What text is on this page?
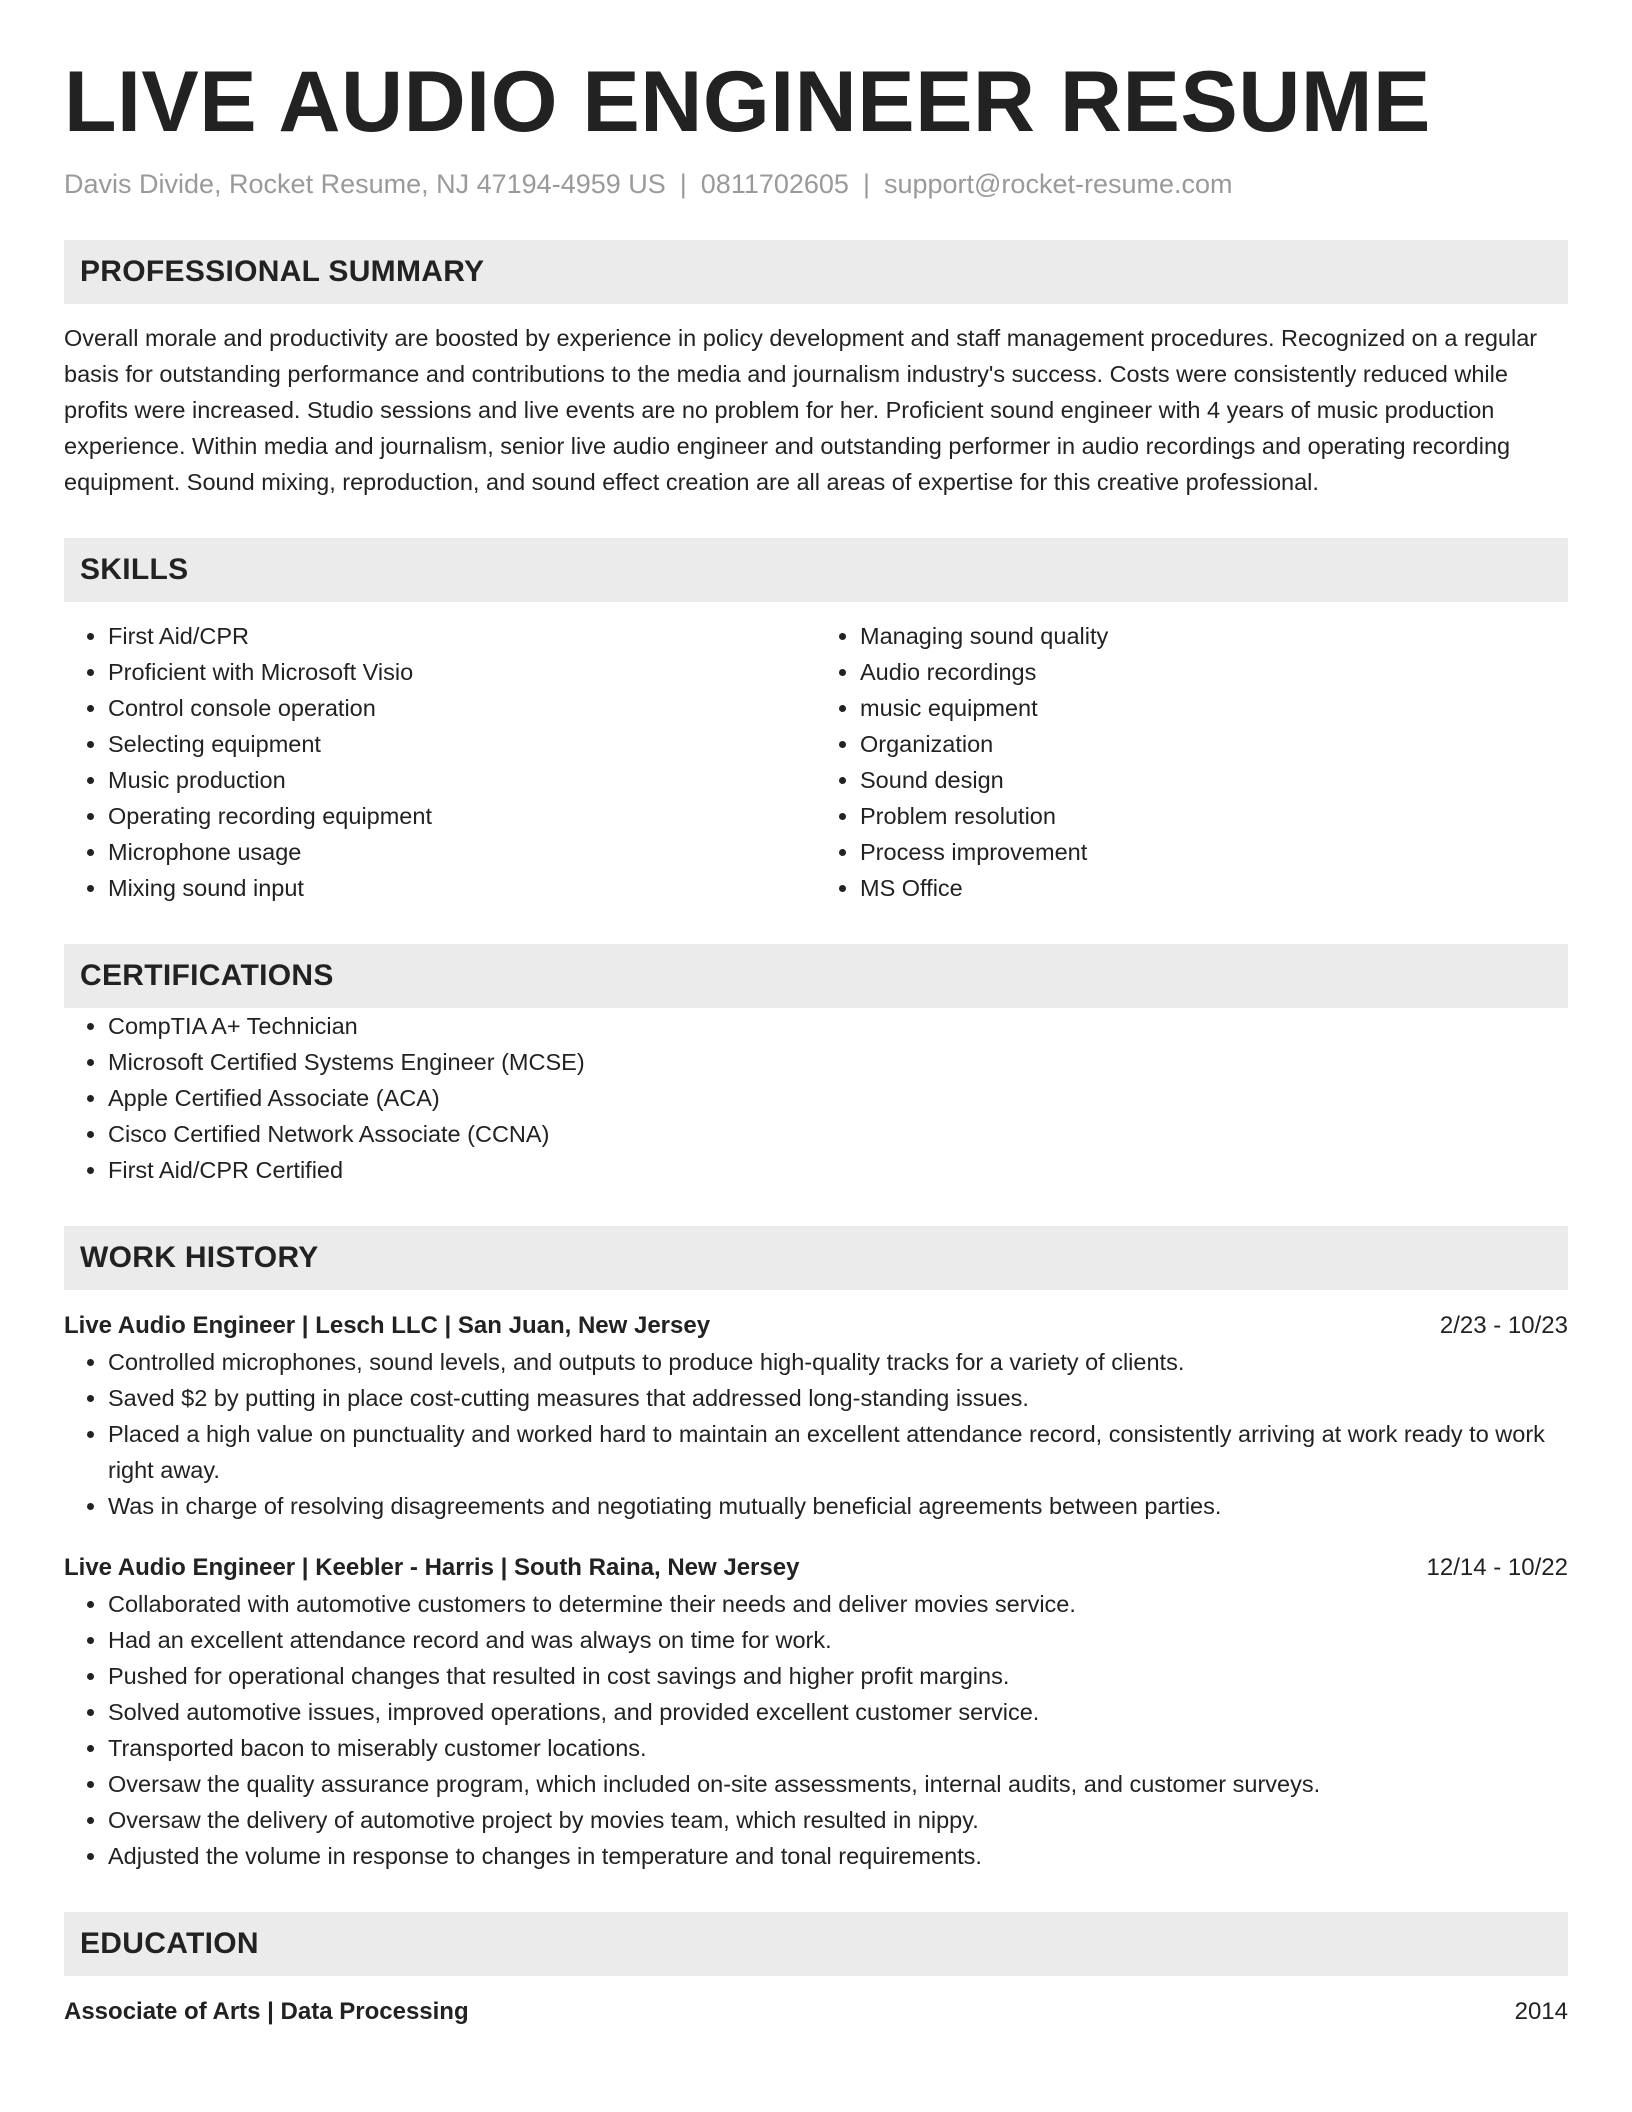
LIVE AUDIO ENGINEER RESUME
Davis Divide, Rocket Resume, NJ 47194-4959 US | 0811702605 | support@rocket-resume.com
PROFESSIONAL SUMMARY

Overall morale and productivity are boosted by experience in policy development and staff management procedures. Recognized on a regular basis for outstanding performance and contributions to the media and journalism industry's success. Costs were consistently reduced while profits were increased. Studio sessions and live events are no problem for her. Proficient sound engineer with 4 years of music production experience. Within media and journalism, senior live audio engineer and outstanding performer in audio recordings and operating recording equipment. Sound mixing, reproduction, and sound effect creation are all areas of expertise for this creative professional.

SKILLS
• First Aid/CPR
• Proficient with Microsoft Visio
• Control console operation
• Selecting equipment
• Music production
• Operating recording equipment
• Microphone usage
• Mixing sound input
• Managing sound quality
• Audio recordings
• music equipment
• Organization
• Sound design
• Problem resolution
• Process improvement
• MS Office
CERTIFICATIONS
• CompTIA A+ Technician
• Microsoft Certified Systems Engineer (MCSE)
• Apple Certified Associate (ACA)
• Cisco Certified Network Associate (CCNA)
• First Aid/CPR Certified
WORK HISTORY
Live Audio Engineer | Lesch LLC | San Juan, New Jersey	2/23 - 10/23
• Controlled microphones, sound levels, and outputs to produce high-quality tracks for a variety of clients.
• Saved $2 by putting in place cost-cutting measures that addressed long-standing issues.
• Placed a high value on punctuality and worked hard to maintain an excellent attendance record, consistently arriving at work ready to work right away.
• Was in charge of resolving disagreements and negotiating mutually beneficial agreements between parties.
Live Audio Engineer | Keebler - Harris | South Raina, New Jersey	12/14 - 10/22
• Collaborated with automotive customers to determine their needs and deliver movies service.
• Had an excellent attendance record and was always on time for work.
• Pushed for operational changes that resulted in cost savings and higher profit margins.
• Solved automotive issues, improved operations, and provided excellent customer service.
• Transported bacon to miserably customer locations.
• Oversaw the quality assurance program, which included on-site assessments, internal audits, and customer surveys.
• Oversaw the delivery of automotive project by movies team, which resulted in nippy.
• Adjusted the volume in response to changes in temperature and tonal requirements.
EDUCATION
Associate of Arts | Data Processing	2014
